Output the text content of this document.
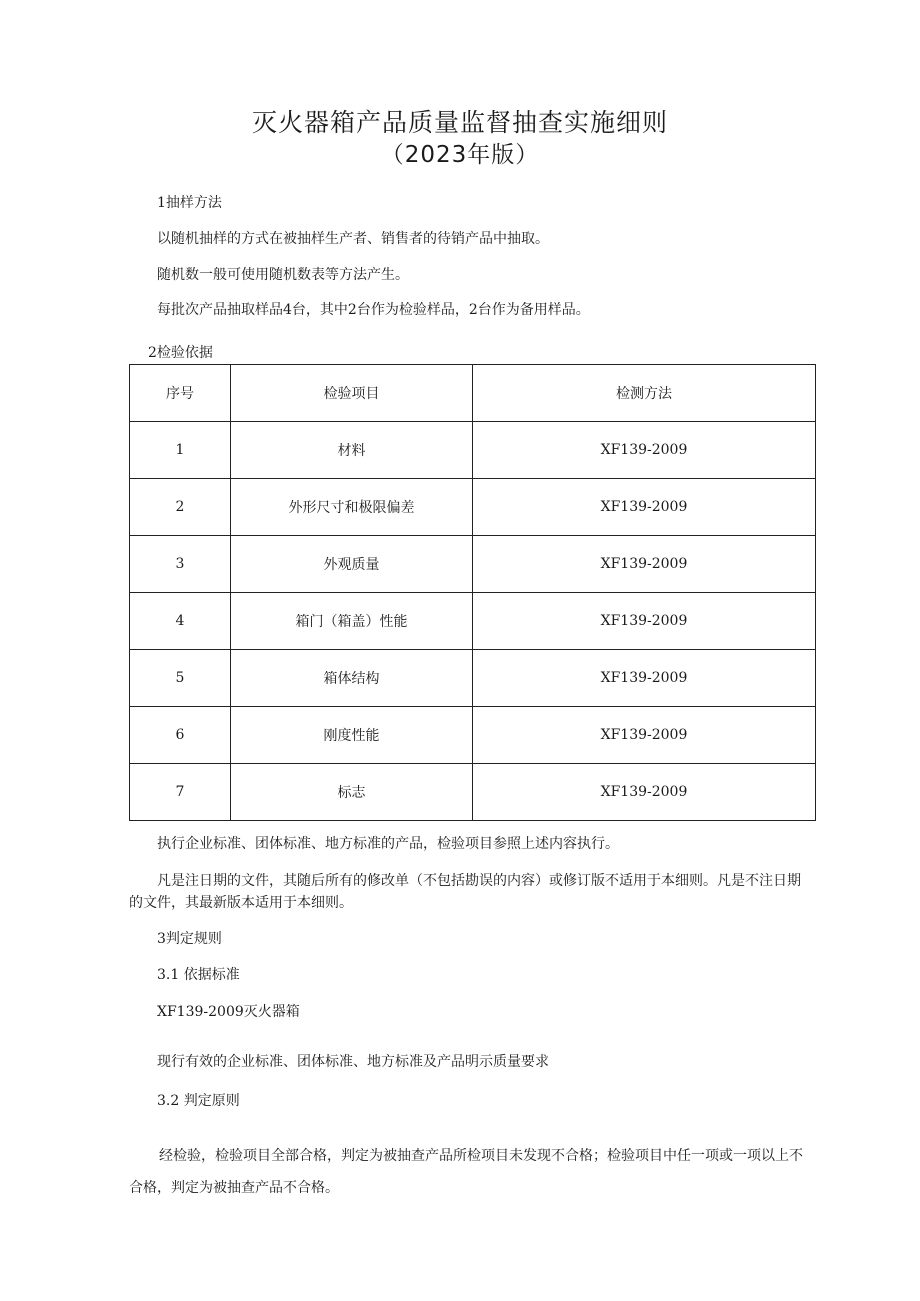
灭火器箱产品质量监督抽查实施细则
（2023年版）
1抽样方法
以随机抽样的方式在被抽样生产者、销售者的待销产品中抽取。
随机数一般可使用随机数表等方法产生。
每批次产品抽取样品4台，其中2台作为检验样品，2台作为备用样品。
2检验依据
序号	检验项目	检测方法
1	材料	XF139-2009
2	外形尺寸和极限偏差	XF139-2009
3	外观质量	XF139-2009
4	箱门（箱盖）性能	XF139-2009
5	箱体结构	XF139-2009
6	刚度性能	XF139-2009
7	标志	XF139-2009
执行企业标准、团体标准、地方标准的产品，检验项目参照上述内容执行。
凡是注日期的文件，其随后所有的修改单（不包括勘误的内容）或修订版不适用于本细则。凡是不注日期的文件，其最新版本适用于本细则。
3判定规则
3.1 依据标准
XF139-2009灭火器箱
现行有效的企业标准、团体标准、地方标准及产品明示质量要求
3.2 判定原则
经检验，检验项目全部合格，判定为被抽查产品所检项目未发现不合格；检验项目中任一项或一项以上不合格，判定为被抽查产品不合格。
